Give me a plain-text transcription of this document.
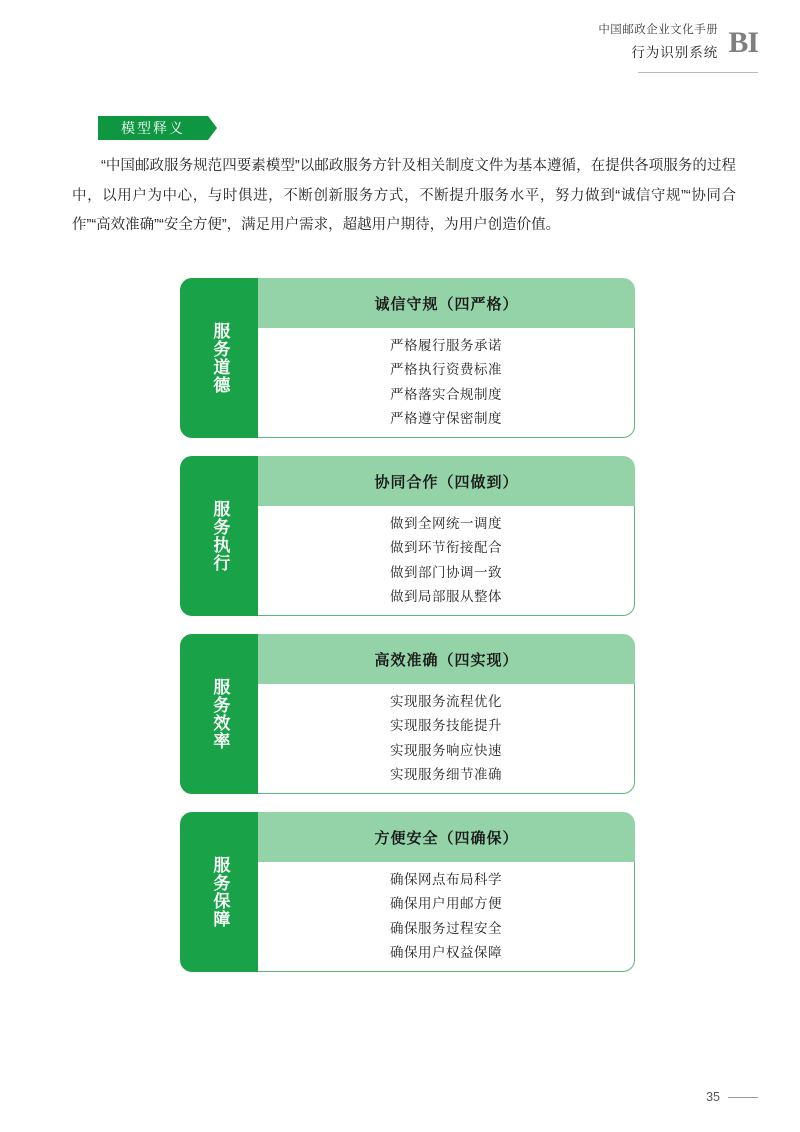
中国邮政企业文化手册
行为识别系统 BI
模型释义
“中国邮政服务规范四要素模型”以邮政服务方针及相关制度文件为基本遵循，在提供各项服务的过程中，以用户为中心，与时俱进，不断创新服务方式，不断提升服务水平，努力做到“诚信守规”“协同合作”“高效准确”“安全方便”，满足用户需求，超越用户期待，为用户创造价值。
服务道德
诚信守规（四严格）
严格履行服务承诺
严格执行资费标准
严格落实合规制度
严格遵守保密制度
服务执行
协同合作（四做到）
做到全网统一调度
做到环节衔接配合
做到部门协调一致
做到局部服从整体
服务效率
高效准确（四实现）
实现服务流程优化
实现服务技能提升
实现服务响应快速
实现服务细节准确
服务保障
方便安全（四确保）
确保网点布局科学
确保用户用邮方便
确保服务过程安全
确保用户权益保障
35
